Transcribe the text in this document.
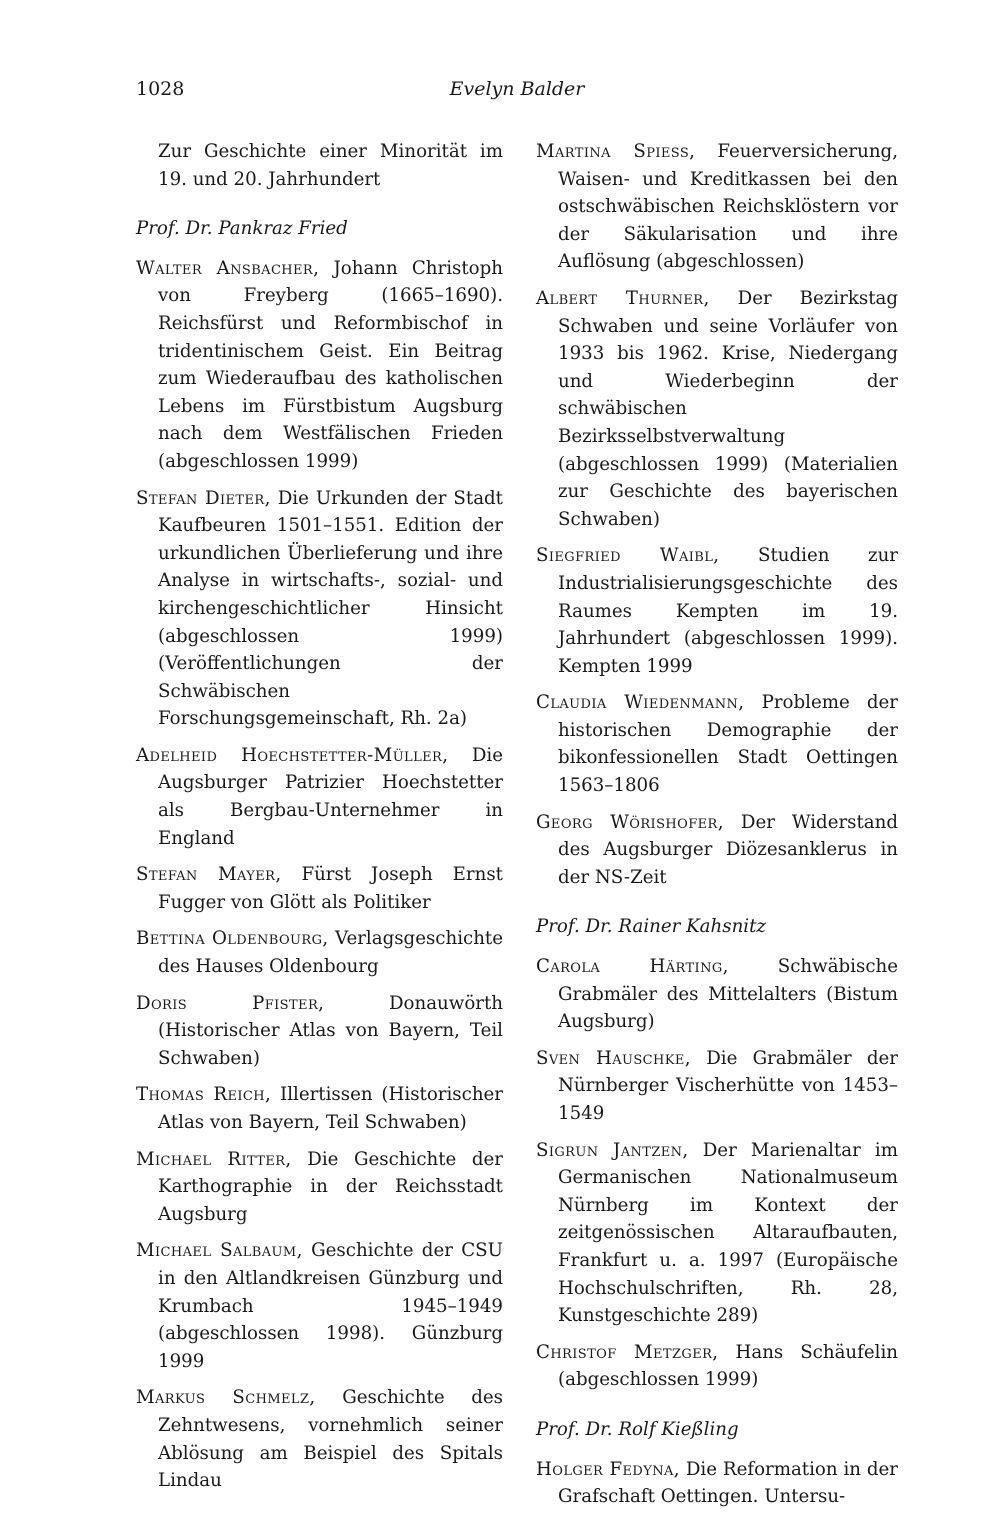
1028	Evelyn Balder
Zur Geschichte einer Minorität im 19. und 20. Jahrhundert
Prof. Dr. Pankraz Fried
Walter Ansbacher, Johann Christoph von Freyberg (1665–1690). Reichsfürst und Reformbischof in tridentinischem Geist. Ein Beitrag zum Wiederaufbau des katholischen Lebens im Fürstbistum Augsburg nach dem Westfälischen Frieden (abgeschlossen 1999)
Stefan Dieter, Die Urkunden der Stadt Kaufbeuren 1501–1551. Edition der urkundlichen Überlieferung und ihre Analyse in wirtschafts-, sozial- und kirchengeschichtlicher Hinsicht (abgeschlossen 1999) (Veröffentlichungen der Schwäbischen Forschungsgemeinschaft, Rh. 2a)
Adelheid Hoechstetter-Müller, Die Augsburger Patrizier Hoechstetter als Bergbau-Unternehmer in England
Stefan Mayer, Fürst Joseph Ernst Fugger von Glött als Politiker
Bettina Oldenbourg, Verlagsgeschichte des Hauses Oldenbourg
Doris Pfister,	Donauwörth (Historischer Atlas von Bayern, Teil Schwaben)
Thomas Reich, Illertissen (Historischer Atlas von Bayern, Teil Schwaben)
Michael Ritter, Die Geschichte der Karthographie in der Reichsstadt Augsburg
Michael Salbaum, Geschichte der CSU in den Altlandkreisen Günzburg und Krumbach 1945–1949 (abgeschlossen 1998). Günzburg 1999
Markus Schmelz, Geschichte des Zehntwesens, vornehmlich seiner Ablösung am Beispiel des Spitals Lindau
Martina Spiess, Feuerversicherung, Waisen- und Kreditkassen bei den ostschwäbischen Reichsklöstern vor der Säkularisation und ihre Auflösung (abgeschlossen)
Albert Thurner, Der Bezirkstag Schwaben und seine Vorläufer von 1933 bis 1962. Krise, Niedergang und Wiederbeginn der schwäbischen Bezirksselbstverwaltung (abgeschlossen 1999) (Materialien zur Geschichte des bayerischen Schwaben)
Siegfried Waibl, Studien zur Industrialisierungsgeschichte des Raumes Kempten im 19. Jahrhundert (abgeschlossen 1999). Kempten 1999
Claudia Wiedenmann, Probleme der historischen Demographie der bikonfessionellen Stadt Oettingen 1563–1806
Georg Wörishofer, Der Widerstand des Augsburger Diözesanklerus in der NS-Zeit
Prof. Dr. Rainer Kahsnitz
Carola Härting,	Schwäbische Grabmäler des Mittelalters (Bistum Augsburg)
Sven Hauschke, Die Grabmäler der Nürnberger Vischerhütte von 1453–1549
Sigrun Jantzen, Der Marienaltar im Germanischen Nationalmuseum Nürnberg im Kontext der zeitgenössischen Altaraufbauten, Frankfurt u. a. 1997 (Europäische Hochschulschriften, Rh. 28, Kunstgeschichte 289)
Christof Metzger, Hans Schäufelin (abgeschlossen 1999)
Prof. Dr. Rolf Kießling
Holger Fedyna, Die Reformation in der Grafschaft Oettingen. Untersu-
